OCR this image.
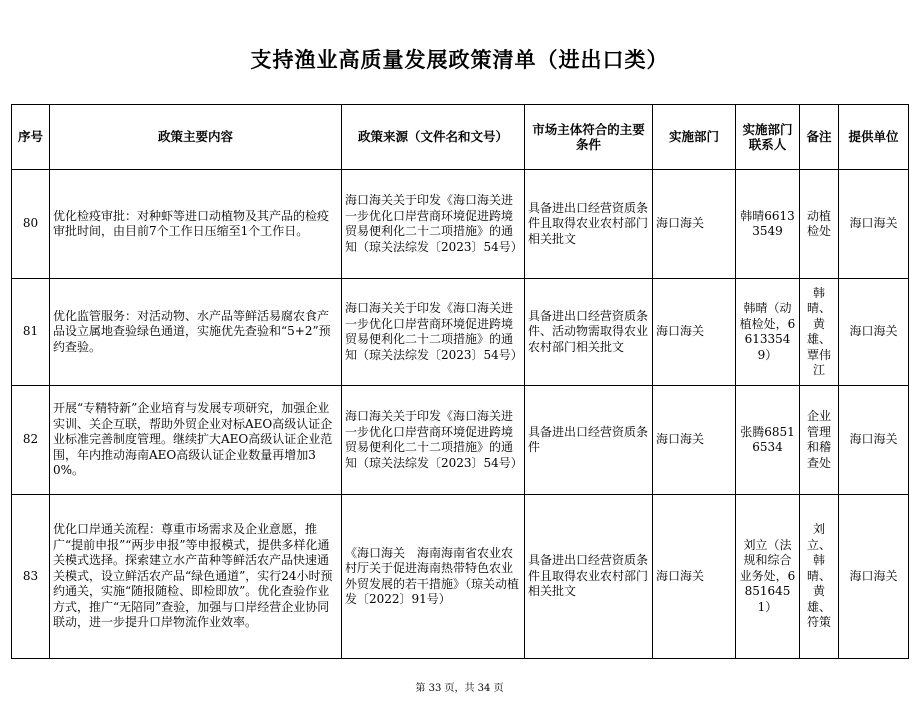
支持渔业高质量发展政策清单（进出口类）
序号	政策主要内容	政策来源（文件名和文号）	市场主体符合的主要条件	实施部门	实施部门联系人	备注	提供单位
80	优化检疫审批：对种虾等进口动植物及其产品的检疫审批时间，由目前7个工作日压缩至1个工作日。	海口海关关于印发《海口海关进一步优化口岸营商环境促进跨境贸易便利化二十二项措施》的通知（琼关法综发〔2023〕54号）	具备进出口经营资质条件且取得农业农村部门相关批文	海口海关	韩晴66133549	动植检处	海口海关
81	优化监管服务：对活动物、水产品等鲜活易腐农食产品设立属地查验绿色通道，实施优先查验和“5+2”预约查验。	海口海关关于印发《海口海关进一步优化口岸营商环境促进跨境贸易便利化二十二项措施》的通知（琼关法综发〔2023〕54号）	具备进出口经营资质条件、活动物需取得农业农村部门相关批文	海口海关	韩晴（动植检处，66133549）	韩晴、黄雄、覃伟江	海口海关
82	开展“专精特新”企业培育与发展专项研究，加强企业实训、关企互联，帮助外贸企业对标AEO高级认证企业标准完善制度管理。继续扩大AEO高级认证企业范围，年内推动海南AEO高级认证企业数量再增加30%。	海口海关关于印发《海口海关进一步优化口岸营商环境促进跨境贸易便利化二十二项措施》的通知（琼关法综发〔2023〕54号）	具备进出口经营资质条件	海口海关	张腾68516534	企业管理和稽查处	海口海关
83	优化口岸通关流程：尊重市场需求及企业意愿，推广“提前申报”“两步申报”等申报模式，提供多样化通关模式选择。探索建立水产苗种等鲜活农产品快速通关模式，设立鲜活农产品“绿色通道”，实行24小时预约通关，实施“随报随检、即检即放”。优化查验作业方式，推广“无陪同”查验，加强与口岸经营企业协同联动，进一步提升口岸物流作业效率。	《海口海关　海南海南省农业农村厅关于促进海南热带特色农业外贸发展的若干措施》（琼关动植发〔2022〕91号）	具备进出口经营资质条件且取得农业农村部门相关批文	海口海关	刘立（法规和综合业务处，68516451）	刘立、韩晴、黄雄、符策	海口海关
第 33 页，共 34 页
